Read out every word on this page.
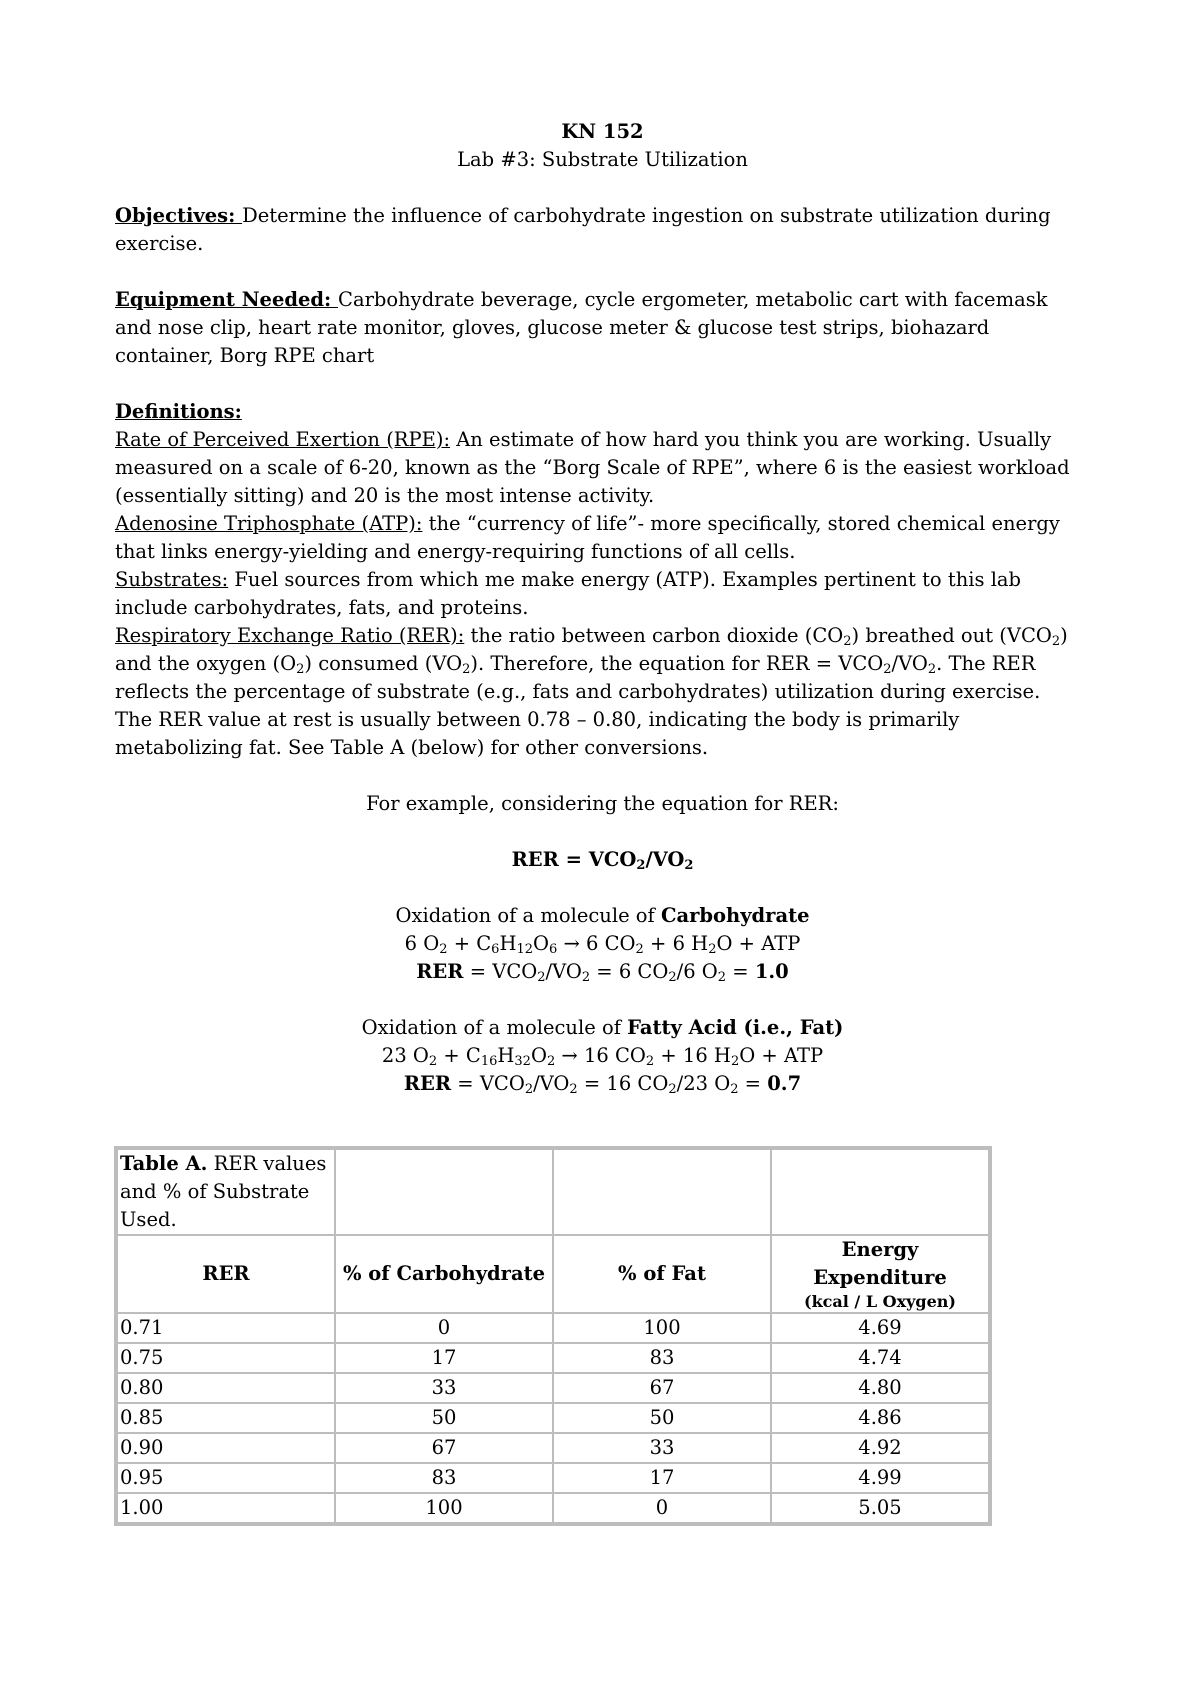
KN 152

Lab #3: Substrate Utilization

Objectives: Determine the influence of carbohydrate ingestion on substrate utilization during exercise.

Equipment Needed: Carbohydrate beverage, cycle ergometer, metabolic cart with facemask and nose clip, heart rate monitor, gloves, glucose meter & glucose test strips, biohazard container, Borg RPE chart

Definitions:

Rate of Perceived Exertion (RPE): An estimate of how hard you think you are working. Usually measured on a scale of 6-20, known as the “Borg Scale of RPE”, where 6 is the easiest workload (essentially sitting) and 20 is the most intense activity.

Adenosine Triphosphate (ATP): the “currency of life”- more specifically, stored chemical energy that links energy-yielding and energy-requiring functions of all cells.

Substrates: Fuel sources from which me make energy (ATP). Examples pertinent to this lab include carbohydrates, fats, and proteins.

Respiratory Exchange Ratio (RER): the ratio between carbon dioxide $(CO_2)$ breathed out $(VCO_2)$ and the oxygen $(O_2)$ consumed $(VO_2)$. Therefore, the equation for RER = $VCO_2/VO_2$. The RER reflects the percentage of substrate (e.g., fats and carbohydrates) utilization during exercise.

The RER value at rest is usually between 0.78 – 0.80, indicating the body is primarily metabolizing fat. See Table A (below) for other conversions.

For example, considering the equation for RER:

RER = $VCO_2/VO_2$

Oxidation of a molecule of Carbohydrate

6 $O_2 + C_6H_{12}O_6 \to 6$ $CO_2 + 6$ $H_2O$ + ATP

RER = $VCO_2/VO_2 = 6$ $CO_2/6$ $O_2 = 1.0$

Oxidation of a molecule of Fatty Acid (i.e., Fat)

23 $O_2 + C_{16}H_{32}O_2 \to 16$ $CO_2 + 16$ $H_2O$ + ATP

RER = $VCO_2/VO_2 = 16$ $CO_2/23$ $O_2 = 0.7$

Table A. RER values and % of Substrate Used.			
RER	% of Carbohydrate	% of Fat	Energy Expenditure
(kcal / L Oxygen)

0.71	0	100	4.69
0.75	17	83	4.74
0.80	33	67	4.80
0.85	50	50	4.86
0.90	67	33	4.92
0.95	83	17	4.99
1.00	100	0	5.05
